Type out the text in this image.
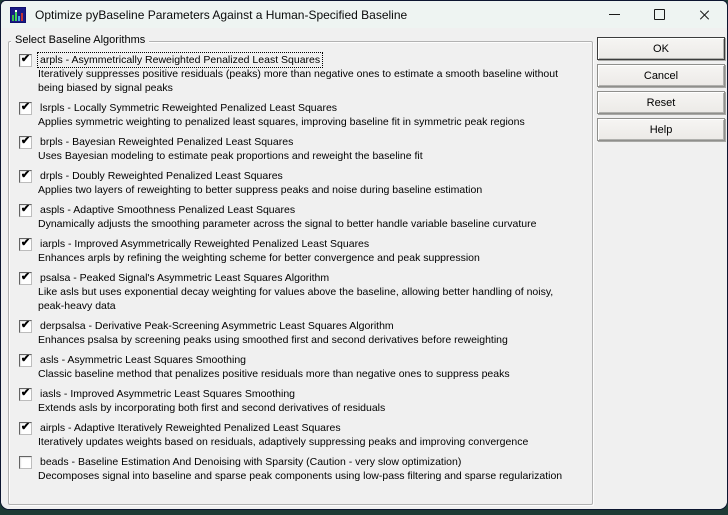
Optimize pyBaseline Parameters Against a Human-Specified Baseline
Select Baseline Algorithms
✔ arpls - Asymmetrically Reweighted Penalized Least Squares
Iteratively suppresses positive residuals (peaks) more than negative ones to estimate a smooth baseline without being biased by signal peaks
✔ lsrpls - Locally Symmetric Reweighted Penalized Least Squares
Applies symmetric weighting to penalized least squares, improving baseline fit in symmetric peak regions
✔ brpls - Bayesian Reweighted Penalized Least Squares
Uses Bayesian modeling to estimate peak proportions and reweight the baseline fit
✔ drpls - Doubly Reweighted Penalized Least Squares
Applies two layers of reweighting to better suppress peaks and noise during baseline estimation
✔ aspls - Adaptive Smoothness Penalized Least Squares
Dynamically adjusts the smoothing parameter across the signal to better handle variable baseline curvature
✔ iarpls - Improved Asymmetrically Reweighted Penalized Least Squares
Enhances arpls by refining the weighting scheme for better convergence and peak suppression
✔ psalsa - Peaked Signal's Asymmetric Least Squares Algorithm
Like asls but uses exponential decay weighting for values above the baseline, allowing better handling of noisy, peak-heavy data
✔ derpsalsa - Derivative Peak-Screening Asymmetric Least Squares Algorithm
Enhances psalsa by screening peaks using smoothed first and second derivatives before reweighting
✔ asls - Asymmetric Least Squares Smoothing
Classic baseline method that penalizes positive residuals more than negative ones to suppress peaks
✔ iasls - Improved Asymmetric Least Squares Smoothing
Extends asls by incorporating both first and second derivatives of residuals
✔ airpls - Adaptive Iteratively Reweighted Penalized Least Squares
Iteratively updates weights based on residuals, adaptively suppressing peaks and improving convergence
beads - Baseline Estimation And Denoising with Sparsity (Caution - very slow optimization)
Decomposes signal into baseline and sparse peak components using low-pass filtering and sparse regularization
OK
Cancel
Reset
Help
